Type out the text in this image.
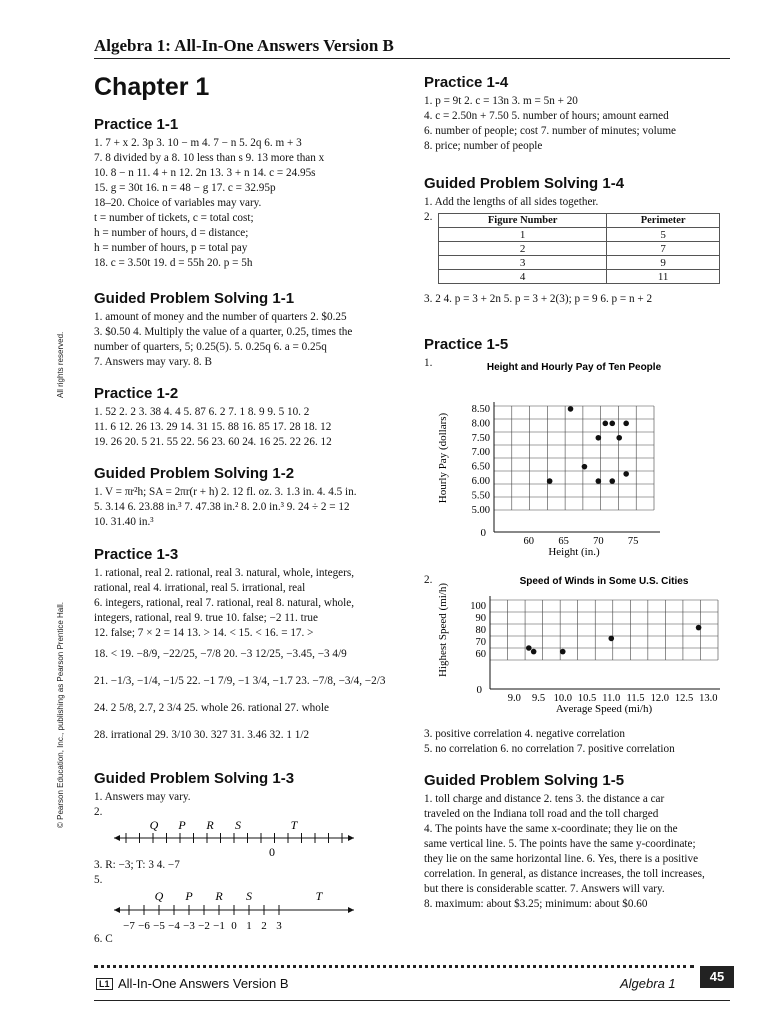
Algebra 1: All-In-One Answers Version B
Chapter 1
All rights reserved.
© Pearson Education, Inc., publishing as Pearson Prentice Hall.
Practice 1-1
1. 7 + x 2. 3p 3. 10 − m 4. 7 − n 5. 2q 6. m + 3
7. 8 divided by a 8. 10 less than s 9. 13 more than x
10. 8 − n 11. 4 + n 12. 2n 13. 3 + n 14. c = 24.95s
15. g = 30t 16. n = 48 − g 17. c = 32.95p
18–20. Choice of variables may vary.
t = number of tickets, c = total cost;
h = number of hours, d = distance;
h = number of hours, p = total pay
18. c = 3.50t 19. d = 55h 20. p = 5h
Guided Problem Solving 1-1
1. amount of money and the number of quarters 2. $0.25
3. $0.50 4. Multiply the value of a quarter, 0.25, times the
number of quarters, 5; 0.25(5). 5. 0.25q 6. a = 0.25q
7. Answers may vary. 8. B
Practice 1-2
1. 52 2. 2 3. 38 4. 4 5. 87 6. 2 7. 1 8. 9 9. 5 10. 2
11. 6 12. 26 13. 29 14. 31 15. 88 16. 85 17. 28 18. 12
19. 26 20. 5 21. 55 22. 56 23. 60 24. 16 25. 22 26. 12
Guided Problem Solving 1-2
1. V = πr²h; SA = 2πr(r + h) 2. 12 fl. oz. 3. 1.3 in. 4. 4.5 in.
5. 3.14 6. 23.88 in.³ 7. 47.38 in.² 8. 2.0 in.³ 9. 24 ÷ 2 = 12
10. 31.40 in.³
Practice 1-3
1. rational, real 2. rational, real 3. natural, whole, integers,
rational, real 4. irrational, real 5. irrational, real
6. integers, rational, real 7. rational, real 8. natural, whole,
integers, rational, real 9. true 10. false; −2 11. true
12. false; 7 × 2 = 14 13. > 14. < 15. < 16. = 17. >
18. < 19. −8/9, −22/25, −7/8 20. −3 12/25, −3.45, −3 4/9
21. −1/3, −1/4, −1/5 22. −1 7/9, −1 3/4, −1.7 23. −7/8, −3/4, −2/3
24. 2 5/8, 2.7, 2 3/4 25. whole 26. rational 27. whole
28. irrational 29. 3/10 30. 327 31. 3.46 32. 1 1/2
Guided Problem Solving 1-3
1. Answers may vary.
2.
Q P R S	T
0
3. R: −3; T: 3 4. −7
5.
Q P R S	T
−7 −6 −5 −4 −3 −2 −1 0 1 2 3
6. C
Practice 1-4
1. p = 9t 2. c = 13n 3. m = 5n + 20
4. c = 2.50n + 7.50 5. number of hours; amount earned
6. number of people; cost 7. number of minutes; volume
8. price; number of people
Guided Problem Solving 1-4
1. Add the lengths of all sides together.
2.	Figure Number	Perimeter
1	5
2	7
3	9
4	11
3. 2 4. p = 3 + 2n 5. p = 3 + 2(3); p = 9 6. p = n + 2
Practice 1-5
1.	Height and Hourly Pay of Ten People
0
5.00
5.50
6.00
6.50
7.00
7.50
8.00
8.50
60 65 70 75
Height (in.)
Hourly Pay (dollars)
2.	Speed of Winds in Some U.S. Cities
0
60
70
80
90
100
9.0 9.5 10.0 10.5 11.0 11.5 12.0 12.5 13.0
Average Speed (mi/h)
Highest Speed (mi/h)
3. positive correlation 4. negative correlation
5. no correlation 6. no correlation 7. positive correlation
Guided Problem Solving 1-5
1. toll charge and distance 2. tens 3. the distance a car
traveled on the Indiana toll road and the toll charged
4. The points have the same x-coordinate; they lie on the
same vertical line. 5. The points have the same y-coordinate;
they lie on the same horizontal line. 6. Yes, there is a positive
correlation. In general, as distance increases, the toll increases,
but there is considerable scatter. 7. Answers will vary.
8. maximum: about $3.25; minimum: about $0.60
L1 All-In-One Answers Version B	Algebra 1	45
